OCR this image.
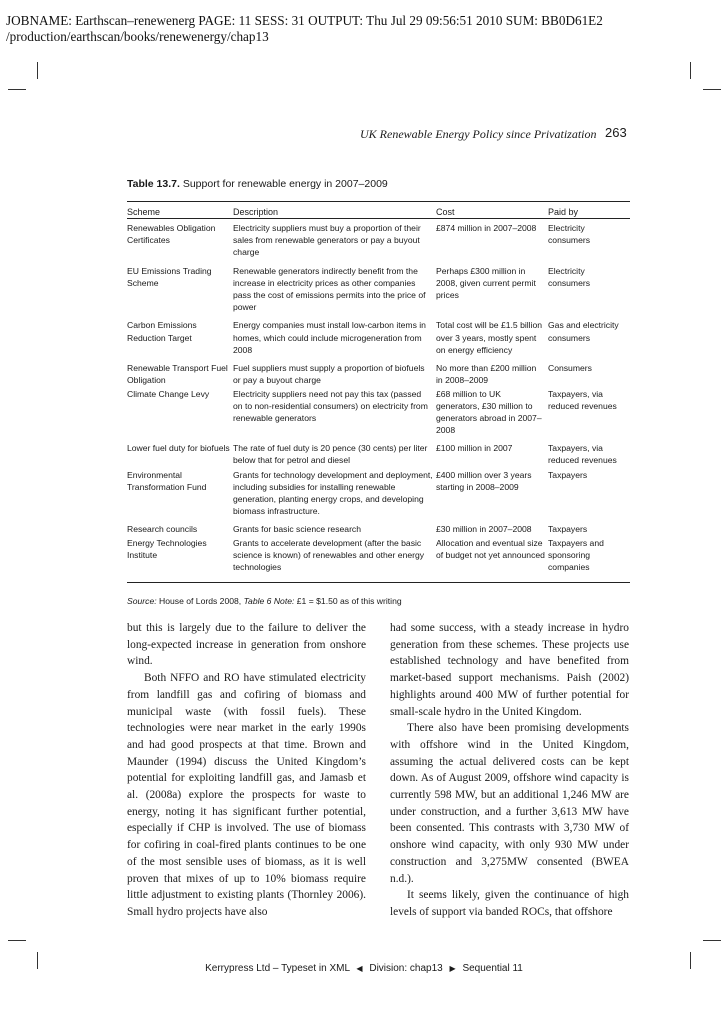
JOBNAME: Earthscan–renewenerg PAGE: 11 SESS: 31 OUTPUT: Thu Jul 29 09:56:51 2010 SUM: BB0D61E2
/production/earthscan/books/renewenergy/chap13
UK Renewable Energy Policy since Privatization 263
Table 13.7. Support for renewable energy in 2007–2009
Scheme	Description	Cost	Paid by
Renewables Obligation Certificates	Electricity suppliers must buy a proportion of their sales from renewable generators or pay a buyout charge	£874 million in 2007–2008	Electricity consumers
EU Emissions Trading Scheme	Renewable generators indirectly benefit from the increase in electricity prices as other companies pass the cost of emissions permits into the price of power	Perhaps £300 million in 2008, given current permit prices	Electricity consumers
Carbon Emissions Reduction Target	Energy companies must install low-carbon items in homes, which could include microgeneration from 2008	Total cost will be £1.5 billion over 3 years, mostly spent on energy efficiency	Gas and electricity consumers
Renewable Transport Fuel Obligation	Fuel suppliers must supply a proportion of biofuels or pay a buyout charge	No more than £200 million in 2008–2009	Consumers
Climate Change Levy	Electricity suppliers need not pay this tax (passed on to non-residential consumers) on electricity from renewable generators	£68 million to UK generators, £30 million to generators abroad in 2007–2008	Taxpayers, via reduced revenues
Lower fuel duty for biofuels	The rate of fuel duty is 20 pence (30 cents) per liter below that for petrol and diesel	£100 million in 2007	Taxpayers, via reduced revenues
Environmental Transformation Fund	Grants for technology development and deployment, including subsidies for installing renewable generation, planting energy crops, and developing biomass infrastructure.	£400 million over 3 years starting in 2008–2009	Taxpayers
Research councils	Grants for basic science research	£30 million in 2007–2008	Taxpayers
Energy Technologies Institute	Grants to accelerate development (after the basic science is known) of renewables and other energy technologies	Allocation and eventual size of budget not yet announced	Taxpayers and sponsoring companies
Source: House of Lords 2008, Table 6 Note: £1 = $1.50 as of this writing

but this is largely due to the failure to deliver the long-expected increase in generation from onshore wind.

Both NFFO and RO have stimulated electricity from landfill gas and cofiring of biomass and municipal waste (with fossil fuels). These technologies were near market in the early 1990s and had good prospects at that time. Brown and Maunder (1994) discuss the United Kingdom’s potential for exploiting landfill gas, and Jamasb et al. (2008a) explore the prospects for waste to energy, noting it has significant further potential, especially if CHP is involved. The use of biomass for cofiring in coal-fired plants continues to be one of the most sensible uses of biomass, as it is well proven that mixes of up to 10% biomass require little adjustment to existing plants (Thornley 2006). Small hydro projects have also

had some success, with a steady increase in hydro generation from these schemes. These projects use established technology and have benefited from market-based support mechanisms. Paish (2002) highlights around 400 MW of further potential for small-scale hydro in the United Kingdom.

There also have been promising developments with offshore wind in the United Kingdom, assuming the actual delivered costs can be kept down. As of August 2009, offshore wind capacity is currently 598 MW, but an additional 1,246 MW are under construction, and a further 3,613 MW have been consented. This contrasts with 3,730 MW of onshore wind capacity, with only 930 MW under construction and 3,275MW consented (BWEA n.d.).

It seems likely, given the continuance of high levels of support via banded ROCs, that offshore

Kerrypress Ltd – Typeset in XML ◀ Division: chap13 ▶ Sequential 11
